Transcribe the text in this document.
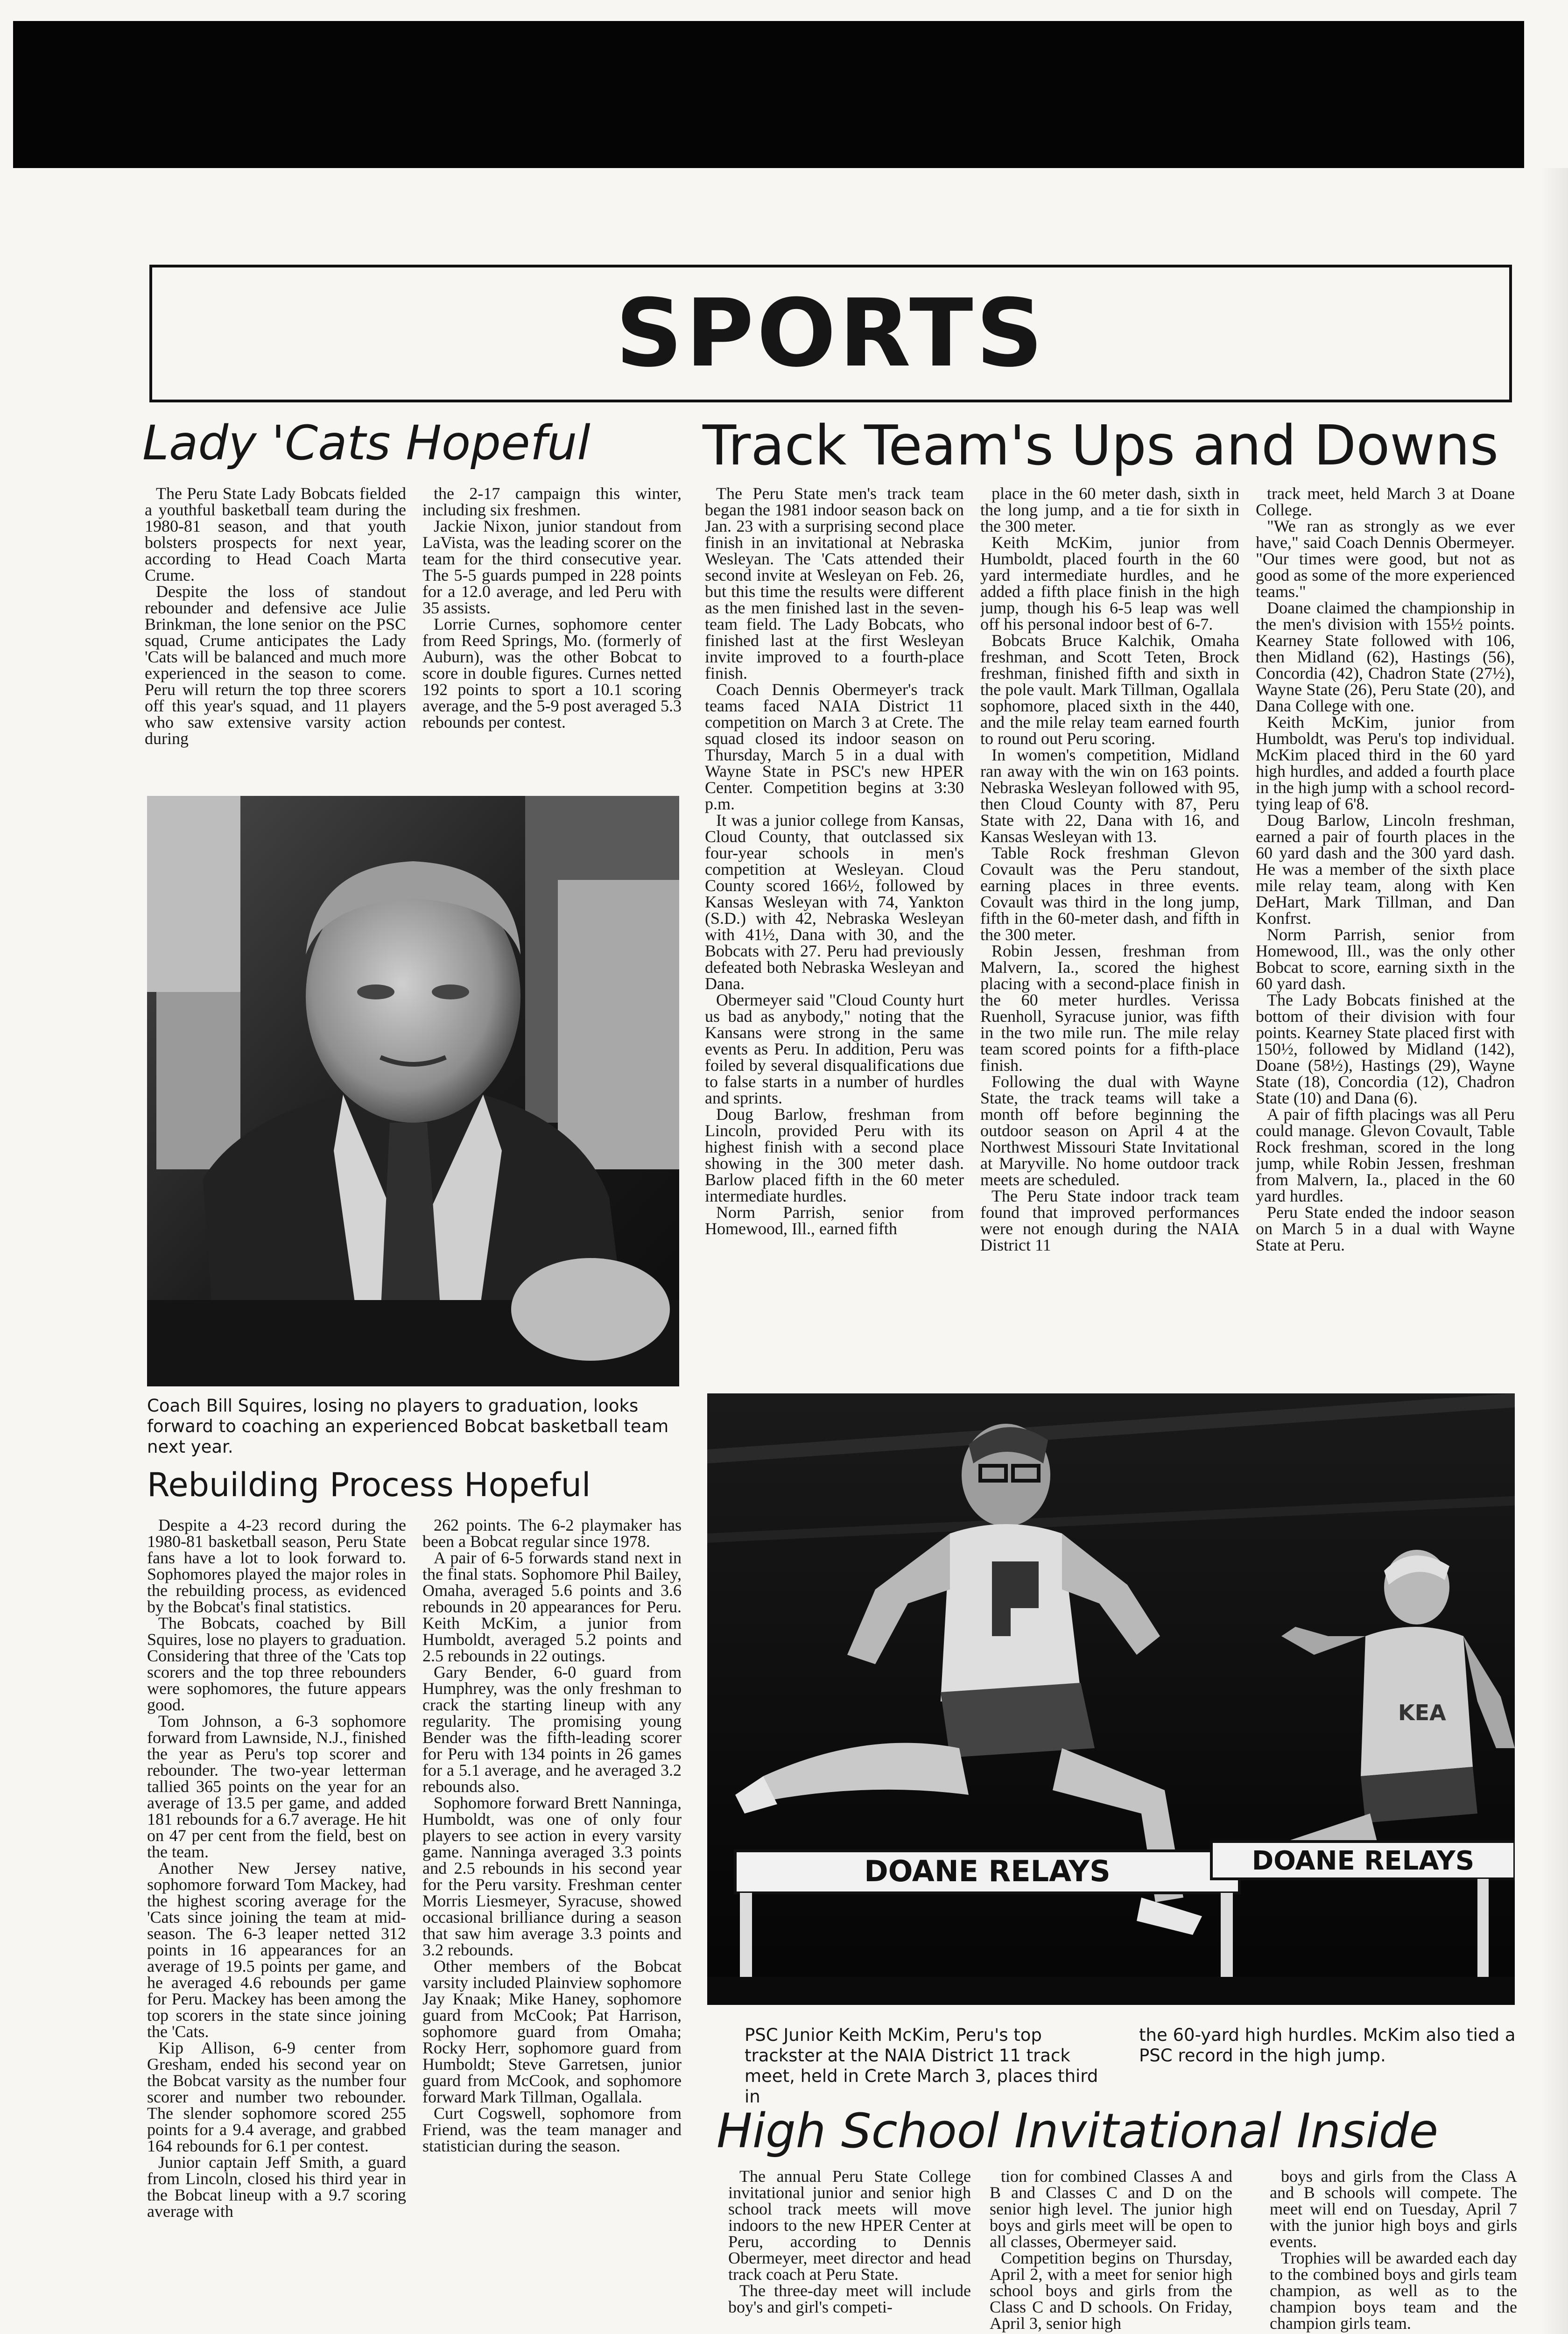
SPORTS
Lady 'Cats Hopeful

The Peru State Lady Bobcats fielded a youthful basketball team during the 1980-81 season, and that youth bolsters prospects for next year, according to Head Coach Marta Crume.

Despite the loss of standout rebounder and defensive ace Julie Brinkman, the lone senior on the PSC squad, Crume anticipates the Lady 'Cats will be balanced and much more experienced in the season to come. Peru will return the top three scorers off this year's squad, and 11 players who saw extensive varsity action during

the 2-17 campaign this winter, including six freshmen.

Jackie Nixon, junior standout from LaVista, was the leading scorer on the team for the third consecutive year. The 5-5 guards pumped in 228 points for a 12.0 average, and led Peru with 35 assists.

Lorrie Curnes, sophomore center from Reed Springs, Mo. (formerly of Auburn), was the other Bobcat to score in double figures. Curnes netted 192 points to sport a 10.1 scoring average, and the 5-9 post averaged 5.3 rebounds per contest.

Coach Bill Squires, losing no players to graduation, looks forward to coaching an experienced Bobcat basketball team next year.

Rebuilding Process Hopeful

Despite a 4-23 record during the 1980-81 basketball season, Peru State fans have a lot to look forward to. Sophomores played the major roles in the rebuilding process, as evidenced by the Bobcat's final statistics.

The Bobcats, coached by Bill Squires, lose no players to graduation. Considering that three of the 'Cats top scorers and the top three rebounders were sophomores, the future appears good.

Tom Johnson, a 6-3 sophomore forward from Lawnside, N.J., finished the year as Peru's top scorer and rebounder. The two-year letterman tallied 365 points on the year for an average of 13.5 per game, and added 181 rebounds for a 6.7 average. He hit on 47 per cent from the field, best on the team.

Another New Jersey native, sophomore forward Tom Mackey, had the highest scoring average for the 'Cats since joining the team at mid-season. The 6-3 leaper netted 312 points in 16 appearances for an average of 19.5 points per game, and he averaged 4.6 rebounds per game for Peru. Mackey has been among the top scorers in the state since joining the 'Cats.

Kip Allison, 6-9 center from Gresham, ended his second year on the Bobcat varsity as the number four scorer and number two rebounder. The slender sophomore scored 255 points for a 9.4 average, and grabbed 164 rebounds for 6.1 per contest.

Junior captain Jeff Smith, a guard from Lincoln, closed his third year in the Bobcat lineup with a 9.7 scoring average with

262 points. The 6-2 playmaker has been a Bobcat regular since 1978.

A pair of 6-5 forwards stand next in the final stats. Sophomore Phil Bailey, Omaha, averaged 5.6 points and 3.6 rebounds in 20 appearances for Peru. Keith McKim, a junior from Humboldt, averaged 5.2 points and 2.5 rebounds in 22 outings.

Gary Bender, 6-0 guard from Humphrey, was the only freshman to crack the starting lineup with any regularity. The promising young Bender was the fifth-leading scorer for Peru with 134 points in 26 games for a 5.1 average, and he averaged 3.2 rebounds also.

Sophomore forward Brett Nanninga, Humboldt, was one of only four players to see action in every varsity game. Nanninga averaged 3.3 points and 2.5 rebounds in his second year for the Peru varsity. Freshman center Morris Liesmeyer, Syracuse, showed occasional brilliance during a season that saw him average 3.3 points and 3.2 rebounds.

Other members of the Bobcat varsity included Plainview sophomore Jay Knaak; Mike Haney, sophomore guard from McCook; Pat Harrison, sophomore guard from Omaha; Rocky Herr, sophomore guard from Humboldt; Steve Garretsen, junior guard from McCook, and sophomore forward Mark Tillman, Ogallala.

Curt Cogswell, sophomore from Friend, was the team manager and statistician during the season.

Track Team's Ups and Downs

The Peru State men's track team began the 1981 indoor season back on Jan. 23 with a surprising second place finish in an invitational at Nebraska Wesleyan. The 'Cats attended their second invite at Wesleyan on Feb. 26, but this time the results were different as the men finished last in the seven-team field. The Lady Bobcats, who finished last at the first Wesleyan invite improved to a fourth-place finish.

Coach Dennis Obermeyer's track teams faced NAIA District 11 competition on March 3 at Crete. The squad closed its indoor season on Thursday, March 5 in a dual with Wayne State in PSC's new HPER Center. Competition begins at 3:30 p.m.

It was a junior college from Kansas, Cloud County, that outclassed six four-year schools in men's competition at Wesleyan. Cloud County scored 166½, followed by Kansas Wesleyan with 74, Yankton (S.D.) with 42, Nebraska Wesleyan with 41½, Dana with 30, and the Bobcats with 27. Peru had previously defeated both Nebraska Wesleyan and Dana.

Obermeyer said "Cloud County hurt us bad as anybody," noting that the Kansans were strong in the same events as Peru. In addition, Peru was foiled by several disqualifications due to false starts in a number of hurdles and sprints.

Doug Barlow, freshman from Lincoln, provided Peru with its highest finish with a second place showing in the 300 meter dash. Barlow placed fifth in the 60 meter intermediate hurdles.

Norm Parrish, senior from Homewood, Ill., earned fifth

place in the 60 meter dash, sixth in the long jump, and a tie for sixth in the 300 meter.

Keith McKim, junior from Humboldt, placed fourth in the 60 yard intermediate hurdles, and he added a fifth place finish in the high jump, though his 6-5 leap was well off his personal indoor best of 6-7.

Bobcats Bruce Kalchik, Omaha freshman, and Scott Teten, Brock freshman, finished fifth and sixth in the pole vault. Mark Tillman, Ogallala sophomore, placed sixth in the 440, and the mile relay team earned fourth to round out Peru scoring.

In women's competition, Midland ran away with the win on 163 points. Nebraska Wesleyan followed with 95, then Cloud County with 87, Peru State with 22, Dana with 16, and Kansas Wesleyan with 13.

Table Rock freshman Glevon Covault was the Peru standout, earning places in three events. Covault was third in the long jump, fifth in the 60-meter dash, and fifth in the 300 meter.

Robin Jessen, freshman from Malvern, Ia., scored the highest placing with a second-place finish in the 60 meter hurdles. Verissa Ruenholl, Syracuse junior, was fifth in the two mile run. The mile relay team scored points for a fifth-place finish.

Following the dual with Wayne State, the track teams will take a month off before beginning the outdoor season on April 4 at the Northwest Missouri State Invitational at Maryville. No home outdoor track meets are scheduled.

The Peru State indoor track team found that improved performances were not enough during the NAIA District 11

track meet, held March 3 at Doane College.

"We ran as strongly as we ever have," said Coach Dennis Obermeyer. "Our times were good, but not as good as some of the more experienced teams."

Doane claimed the championship in the men's division with 155½ points. Kearney State followed with 106, then Midland (62), Hastings (56), Concordia (42), Chadron State (27½), Wayne State (26), Peru State (20), and Dana College with one.

Keith McKim, junior from Humboldt, was Peru's top individual. McKim placed third in the 60 yard high hurdles, and added a fourth place in the high jump with a school record-tying leap of 6'8.

Doug Barlow, Lincoln freshman, earned a pair of fourth places in the 60 yard dash and the 300 yard dash. He was a member of the sixth place mile relay team, along with Ken DeHart, Mark Tillman, and Dan Konfrst.

Norm Parrish, senior from Homewood, Ill., was the only other Bobcat to score, earning sixth in the 60 yard dash.

The Lady Bobcats finished at the bottom of their division with four points. Kearney State placed first with 150½, followed by Midland (142), Doane (58½), Hastings (29), Wayne State (18), Concordia (12), Chadron State (10) and Dana (6).

A pair of fifth placings was all Peru could manage. Glevon Covault, Table Rock freshman, scored in the long jump, while Robin Jessen, freshman from Malvern, Ia., placed in the 60 yard hurdles.

Peru State ended the indoor season on March 5 in a dual with Wayne State at Peru.

KEA
DOANE RELAYS	DOANE RELAYS

PSC Junior Keith McKim, Peru's top trackster at the NAIA District 11 track meet, held in Crete March 3, places third in

the 60-yard high hurdles. McKim also tied a PSC record in the high jump.

High School Invitational Inside

The annual Peru State College invitational junior and senior high school track meets will move indoors to the new HPER Center at Peru, according to Dennis Obermeyer, meet director and head track coach at Peru State.

The three-day meet will include boy's and girl's competi-

tion for combined Classes A and B and Classes C and D on the senior high level. The junior high boys and girls meet will be open to all classes, Obermeyer said.

Competition begins on Thursday, April 2, with a meet for senior high school boys and girls from the Class C and D schools. On Friday, April 3, senior high

boys and girls from the Class A and B schools will compete. The meet will end on Tuesday, April 7 with the junior high boys and girls events.

Trophies will be awarded each day to the combined boys and girls team champion, as well as to the champion boys team and the champion girls team.
